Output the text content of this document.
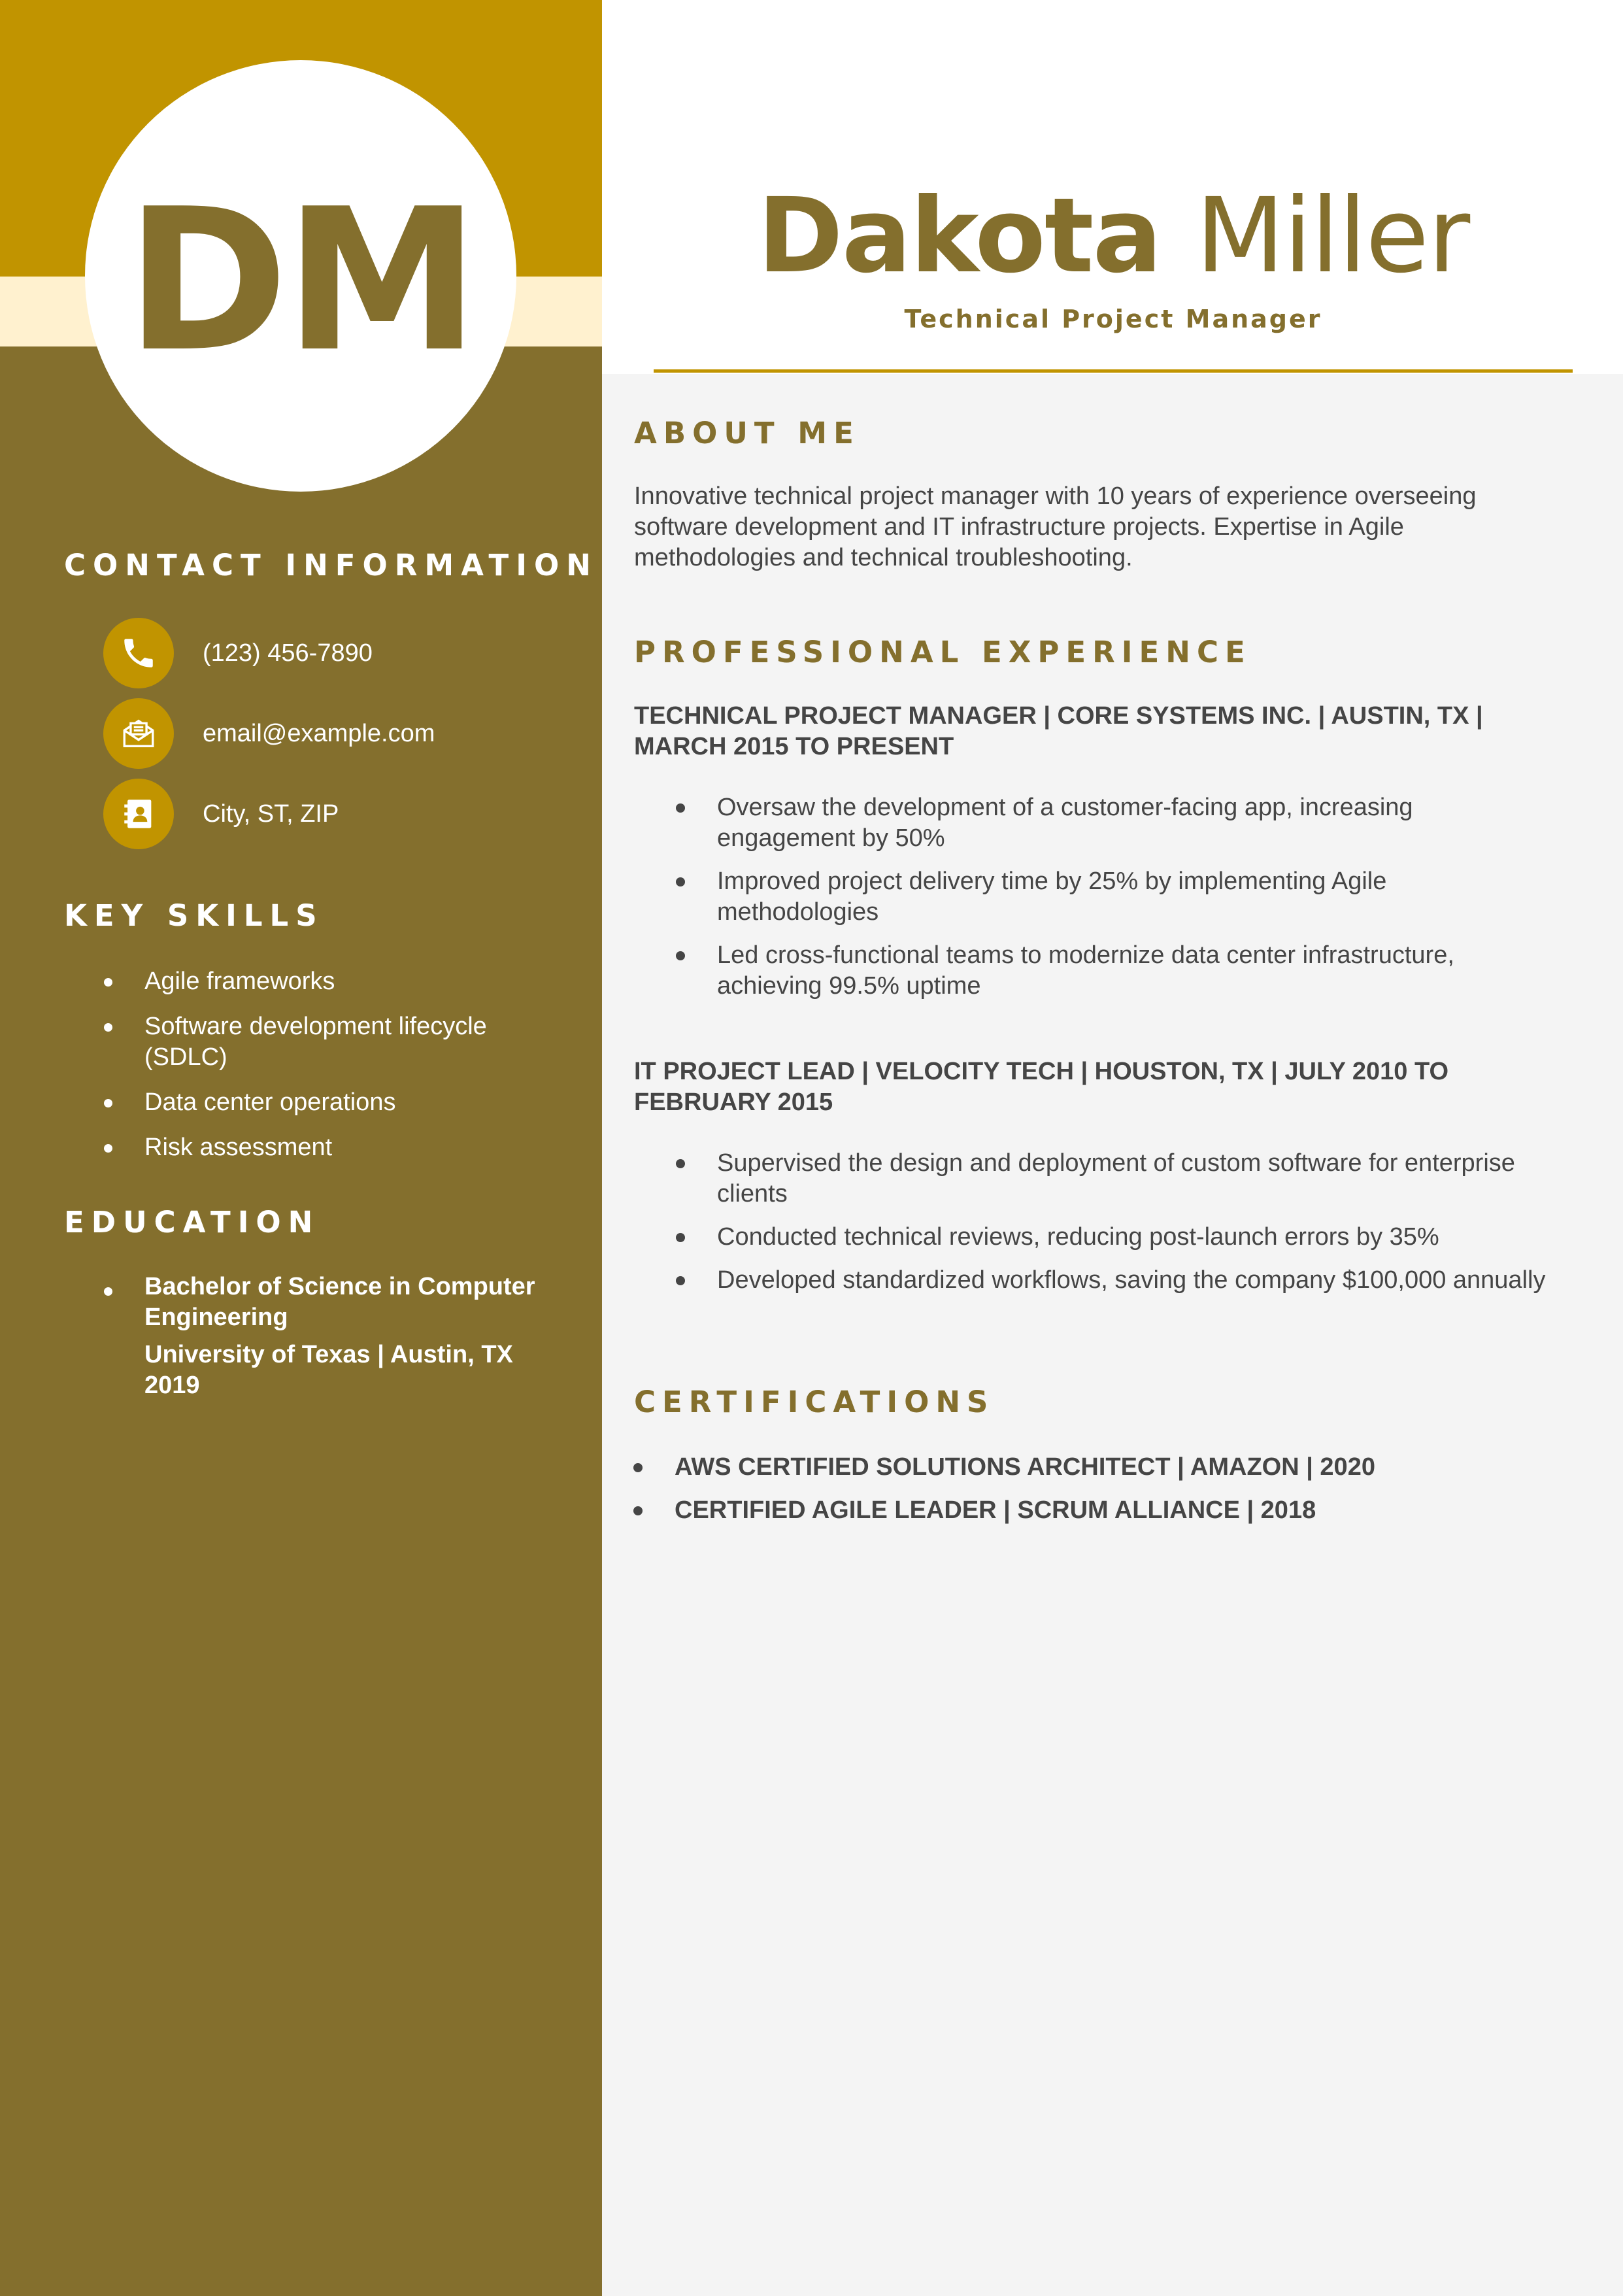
DM
CONTACT INFORMATION
(123) 456-7890
email@example.com
City, ST, ZIP
KEY SKILLS
Agile frameworks
Software development lifecycle (SDLC)
Data center operations
Risk assessment
EDUCATION
Bachelor of Science in Computer Engineering
University of Texas | Austin, TX
2019
Dakota Miller
Technical Project Manager
ABOUT ME

Innovative technical project manager with 10 years of experience overseeing software development and IT infrastructure projects. Expertise in Agile methodologies and technical troubleshooting.

PROFESSIONAL EXPERIENCE

TECHNICAL PROJECT MANAGER | CORE SYSTEMS INC. | AUSTIN, TX | MARCH 2015 TO PRESENT

Oversaw the development of a customer-facing app, increasing engagement by 50%
Improved project delivery time by 25% by implementing Agile methodologies
Led cross-functional teams to modernize data center infrastructure, achieving 99.5% uptime

IT PROJECT LEAD | VELOCITY TECH | HOUSTON, TX | JULY 2010 TO FEBRUARY 2015

Supervised the design and deployment of custom software for enterprise clients
Conducted technical reviews, reducing post-launch errors by 35%
Developed standardized workflows, saving the company $100,000 annually
CERTIFICATIONS
AWS CERTIFIED SOLUTIONS ARCHITECT | AMAZON | 2020
CERTIFIED AGILE LEADER | SCRUM ALLIANCE | 2018
